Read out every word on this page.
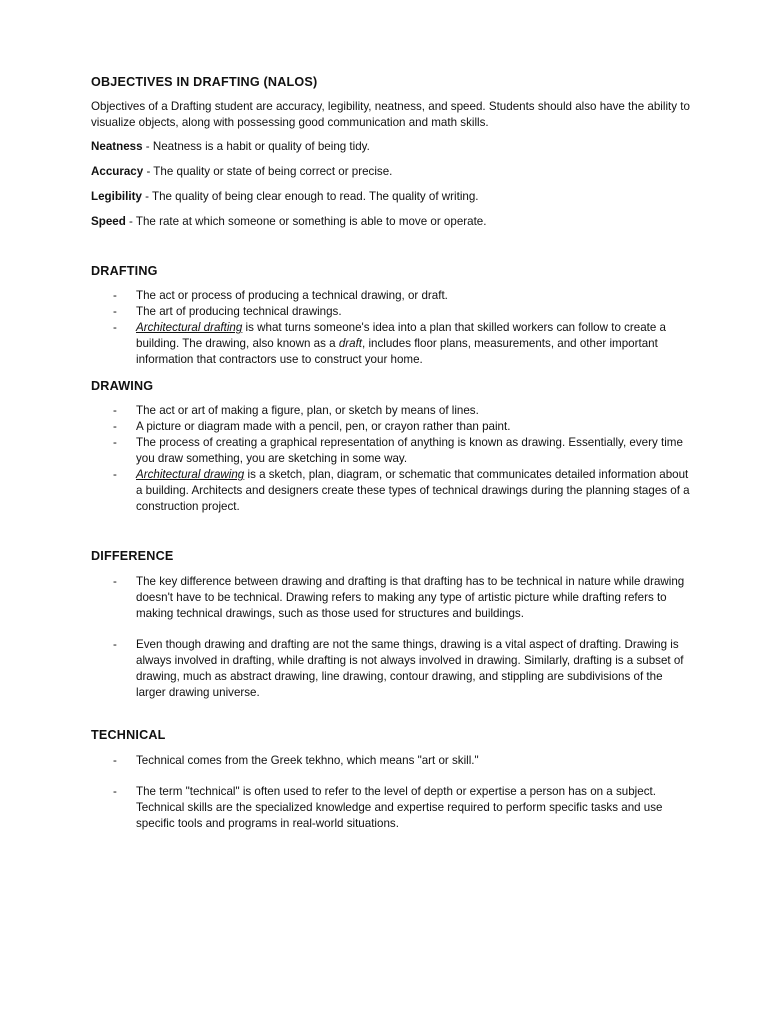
OBJECTIVES IN DRAFTING (NALOS)

Objectives of a Drafting student are accuracy, legibility, neatness, and speed. Students should also have the ability to visualize objects, along with possessing good communication and math skills.

Neatness - Neatness is a habit or quality of being tidy.

Accuracy - The quality or state of being correct or precise.

Legibility - The quality of being clear enough to read. The quality of writing.

Speed - The rate at which someone or something is able to move or operate.

DRAFTING
- The act or process of producing a technical drawing, or draft.
- The art of producing technical drawings.
- Architectural drafting is what turns someone's idea into a plan that skilled workers can follow to create a building. The drawing, also known as a draft, includes floor plans, measurements, and other important information that contractors use to construct your home.
DRAWING
- The act or art of making a figure, plan, or sketch by means of lines.
- A picture or diagram made with a pencil, pen, or crayon rather than paint.
- The process of creating a graphical representation of anything is known as drawing. Essentially, every time you draw something, you are sketching in some way.
- Architectural drawing is a sketch, plan, diagram, or schematic that communicates detailed information about a building. Architects and designers create these types of technical drawings during the planning stages of a construction project.
DIFFERENCE
- The key difference between drawing and drafting is that drafting has to be technical in nature while drawing doesn't have to be technical. Drawing refers to making any type of artistic picture while drafting refers to making technical drawings, such as those used for structures and buildings.
- Even though drawing and drafting are not the same things, drawing is a vital aspect of drafting. Drawing is always involved in drafting, while drafting is not always involved in drawing. Similarly, drafting is a subset of drawing, much as abstract drawing, line drawing, contour drawing, and stippling are subdivisions of the larger drawing universe.
TECHNICAL
- Technical comes from the Greek tekhno, which means "art or skill."
- The term "technical" is often used to refer to the level of depth or expertise a person has on a subject. Technical skills are the specialized knowledge and expertise required to perform specific tasks and use specific tools and programs in real-world situations.
